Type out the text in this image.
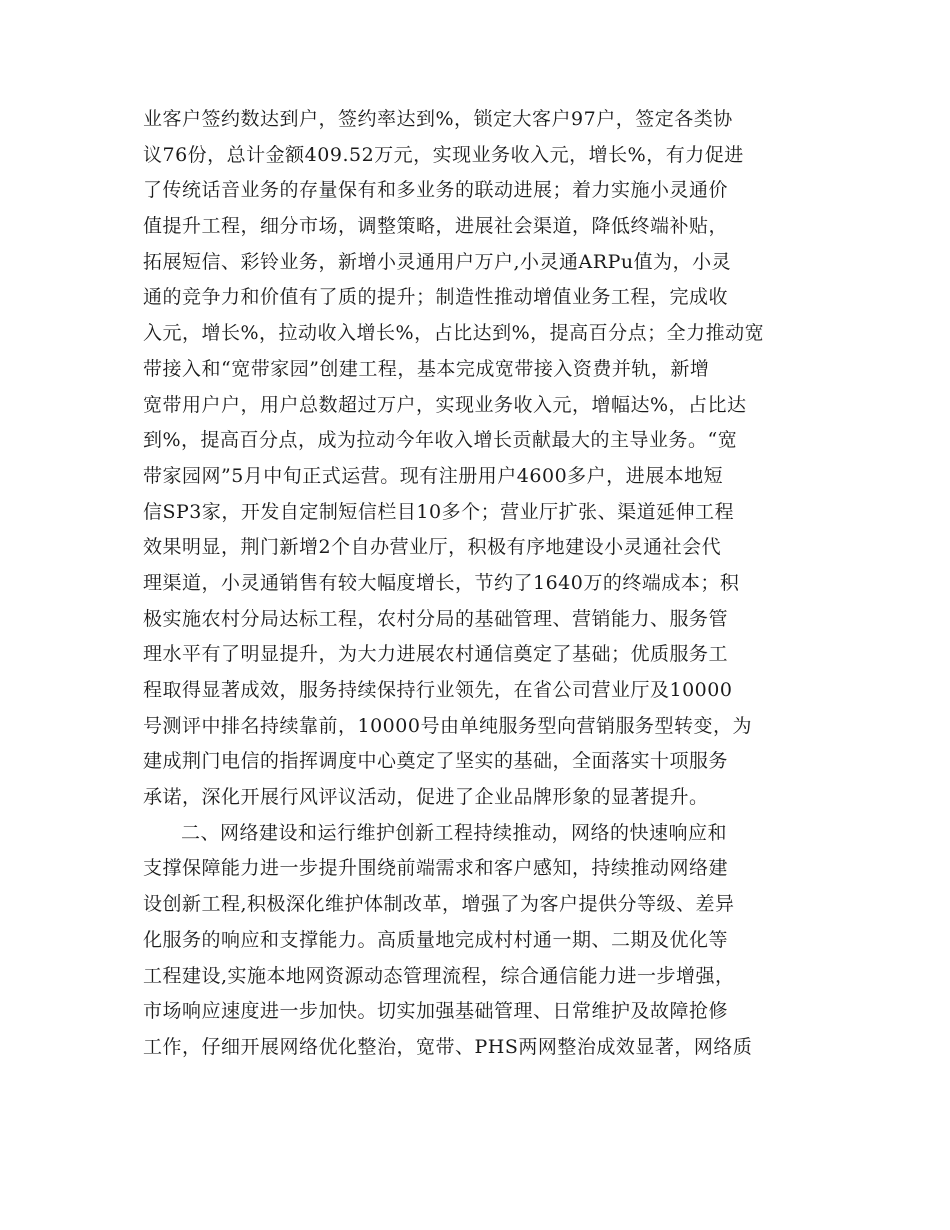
业客户签约数达到户，签约率达到%，锁定大客户97户，签定各类协
议76份，总计金额409.52万元，实现业务收入元，增长%，有力促进
了传统话音业务的存量保有和多业务的联动进展；着力实施小灵通价
值提升工程，细分市场，调整策略，进展社会渠道，降低终端补贴，
拓展短信、彩铃业务，新增小灵通用户万户,小灵通ARPu值为，小灵
通的竞争力和价值有了质的提升；制造性推动增值业务工程，完成收
入元，增长%，拉动收入增长%，占比达到%，提高百分点；全力推动宽
带接入和“宽带家园”创建工程，基本完成宽带接入资费并轨，新增
宽带用户户，用户总数超过万户，实现业务收入元，增幅达%，占比达
到%，提高百分点，成为拉动今年收入增长贡献最大的主导业务。“宽
带家园网”5月中旬正式运营。现有注册用户4600多户，进展本地短
信SP3家，开发自定制短信栏目10多个；营业厅扩张、渠道延伸工程
效果明显，荆门新增2个自办营业厅，积极有序地建设小灵通社会代
理渠道，小灵通销售有较大幅度增长，节约了1640万的终端成本；积
极实施农村分局达标工程，农村分局的基础管理、营销能力、服务管
理水平有了明显提升，为大力进展农村通信奠定了基础；优质服务工
程取得显著成效，服务持续保持行业领先，在省公司营业厅及10000
号测评中排名持续靠前，10000号由单纯服务型向营销服务型转变，为
建成荆门电信的指挥调度中心奠定了坚实的基础，全面落实十项服务
承诺，深化开展行风评议活动，促进了企业品牌形象的显著提升。
二、网络建设和运行维护创新工程持续推动，网络的快速响应和
支撑保障能力进一步提升围绕前端需求和客户感知，持续推动网络建
设创新工程,积极深化维护体制改革，增强了为客户提供分等级、差异
化服务的响应和支撑能力。高质量地完成村村通一期、二期及优化等
工程建设,实施本地网资源动态管理流程，综合通信能力进一步增强，
市场响应速度进一步加快。切实加强基础管理、日常维护及故障抢修
工作，仔细开展网络优化整治，宽带、PHS两网整治成效显著，网络质
